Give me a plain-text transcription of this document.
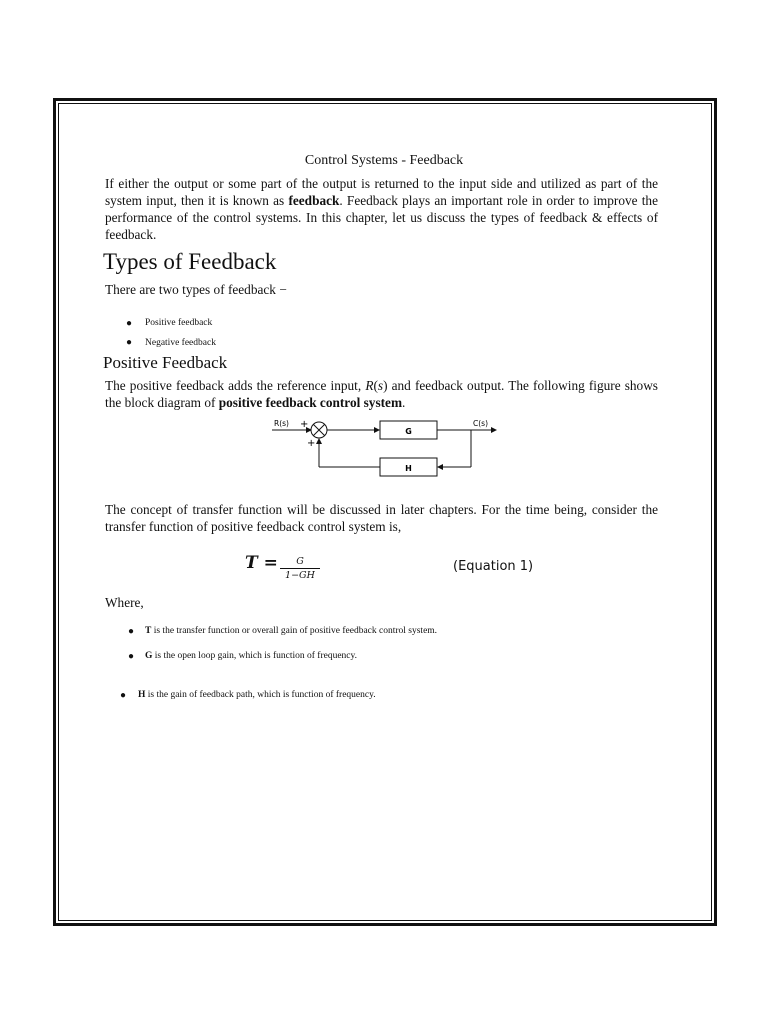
Control Systems - Feedback
If either the output or some part of the output is returned to the input side and utilized as part of the system input, then it is known as feedback. Feedback plays an important role in order to improve the performance of the control systems. In this chapter, let us discuss the types of feedback & effects of feedback.
Types of Feedback
There are two types of feedback −
● Positive feedback
● Negative feedback
Positive Feedback
The positive feedback adds the reference input, R(s) and feedback output. The following figure shows the block diagram of positive feedback control system.
R(s) +
+
G
C(s)
H
The concept of transfer function will be discussed in later chapters. For the time being, consider the transfer function of positive feedback control system is,
T =	G
1−GH
(Equation 1)
Where,
● T is the transfer function or overall gain of positive feedback control system.
● G is the open loop gain, which is function of frequency.
● H is the gain of feedback path, which is function of frequency.
